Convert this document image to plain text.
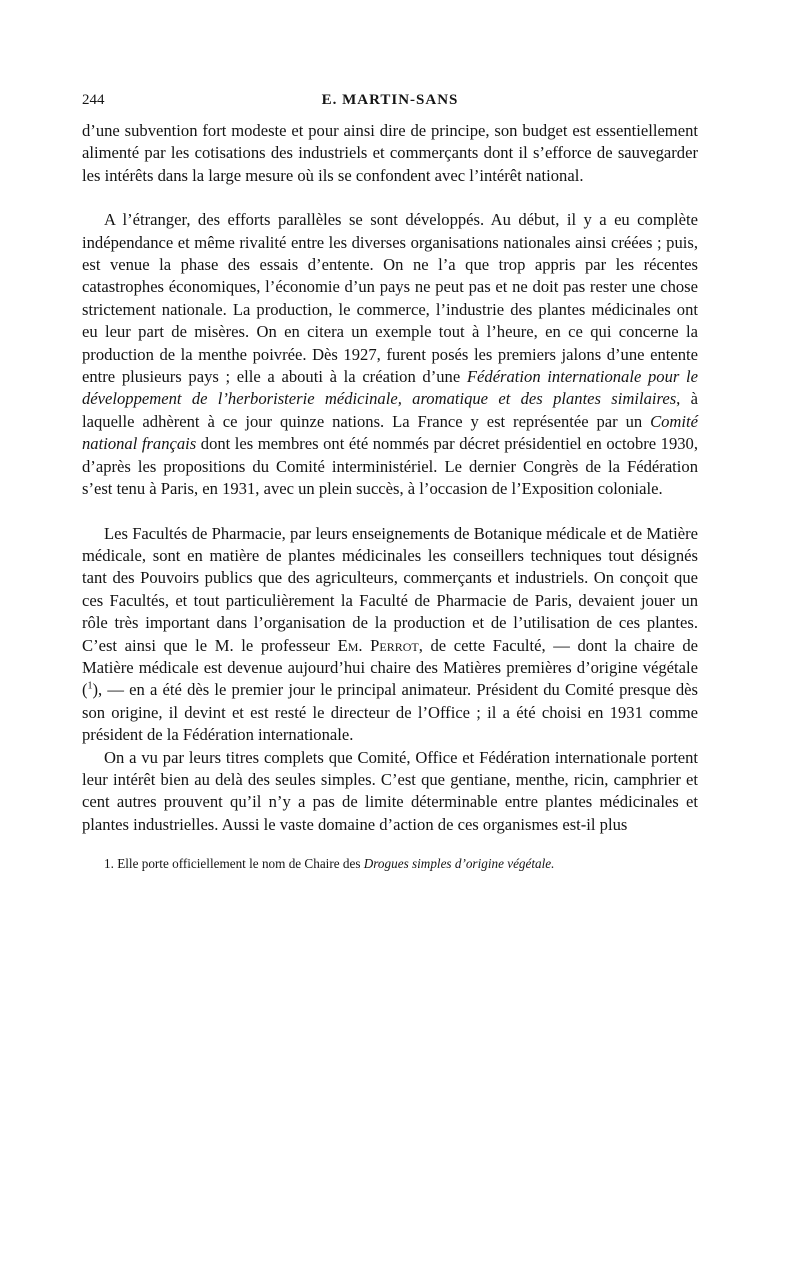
244	E. MARTIN-SANS

d’une subvention fort modeste et pour ainsi dire de principe, son budget est essentiellement alimenté par les cotisations des industriels et commerçants dont il s’efforce de sauvegarder les intérêts dans la large mesure où ils se confondent avec l’intérêt national.

A l’étranger, des efforts parallèles se sont développés. Au début, il y a eu complète indépendance et même rivalité entre les diverses organisations nationales ainsi créées ; puis, est venue la phase des essais d’entente. On ne l’a que trop appris par les récentes catastrophes économiques, l’économie d’un pays ne peut pas et ne doit pas rester une chose strictement nationale. La production, le commerce, l’industrie des plantes médicinales ont eu leur part de misères. On en citera un exemple tout à l’heure, en ce qui concerne la production de la menthe poivrée. Dès 1927, furent posés les premiers jalons d’une entente entre plusieurs pays ; elle a abouti à la création d’une Fédération internationale pour le développement de l’herboristerie médicinale, aromatique et des plantes similaires, à laquelle adhèrent à ce jour quinze nations. La France y est représentée par un Comité national français dont les membres ont été nommés par décret présidentiel en octobre 1930, d’après les propositions du Comité interministériel. Le dernier Congrès de la Fédération s’est tenu à Paris, en 1931, avec un plein succès, à l’occasion de l’Exposition coloniale.

Les Facultés de Pharmacie, par leurs enseignements de Botanique médicale et de Matière médicale, sont en matière de plantes médicinales les conseillers techniques tout désignés tant des Pouvoirs publics que des agriculteurs, commerçants et industriels. On conçoit que ces Facultés, et tout particulièrement la Faculté de Pharmacie de Paris, devaient jouer un rôle très important dans l’organisation de la production et de l’utilisation de ces plantes. C’est ainsi que le M. le professeur Em. Perrot, de cette Faculté, — dont la chaire de Matière médicale est devenue aujourd’hui chaire des Matières premières d’origine végétale ($^1$), — en a été dès le premier jour le principal animateur. Président du Comité presque dès son origine, il devint et est resté le directeur de l’Office ; il a été choisi en 1931 comme président de la Fédération internationale.

On a vu par leurs titres complets que Comité, Office et Fédération internationale portent leur intérêt bien au delà des seules simples. C’est que gentiane, menthe, ricin, camphrier et cent autres prouvent qu’il n’y a pas de limite déterminable entre plantes médicinales et plantes industrielles. Aussi le vaste domaine d’action de ces organismes est-il plus

1. Elle porte officiellement le nom de Chaire des Drogues simples d’origine végétale.
